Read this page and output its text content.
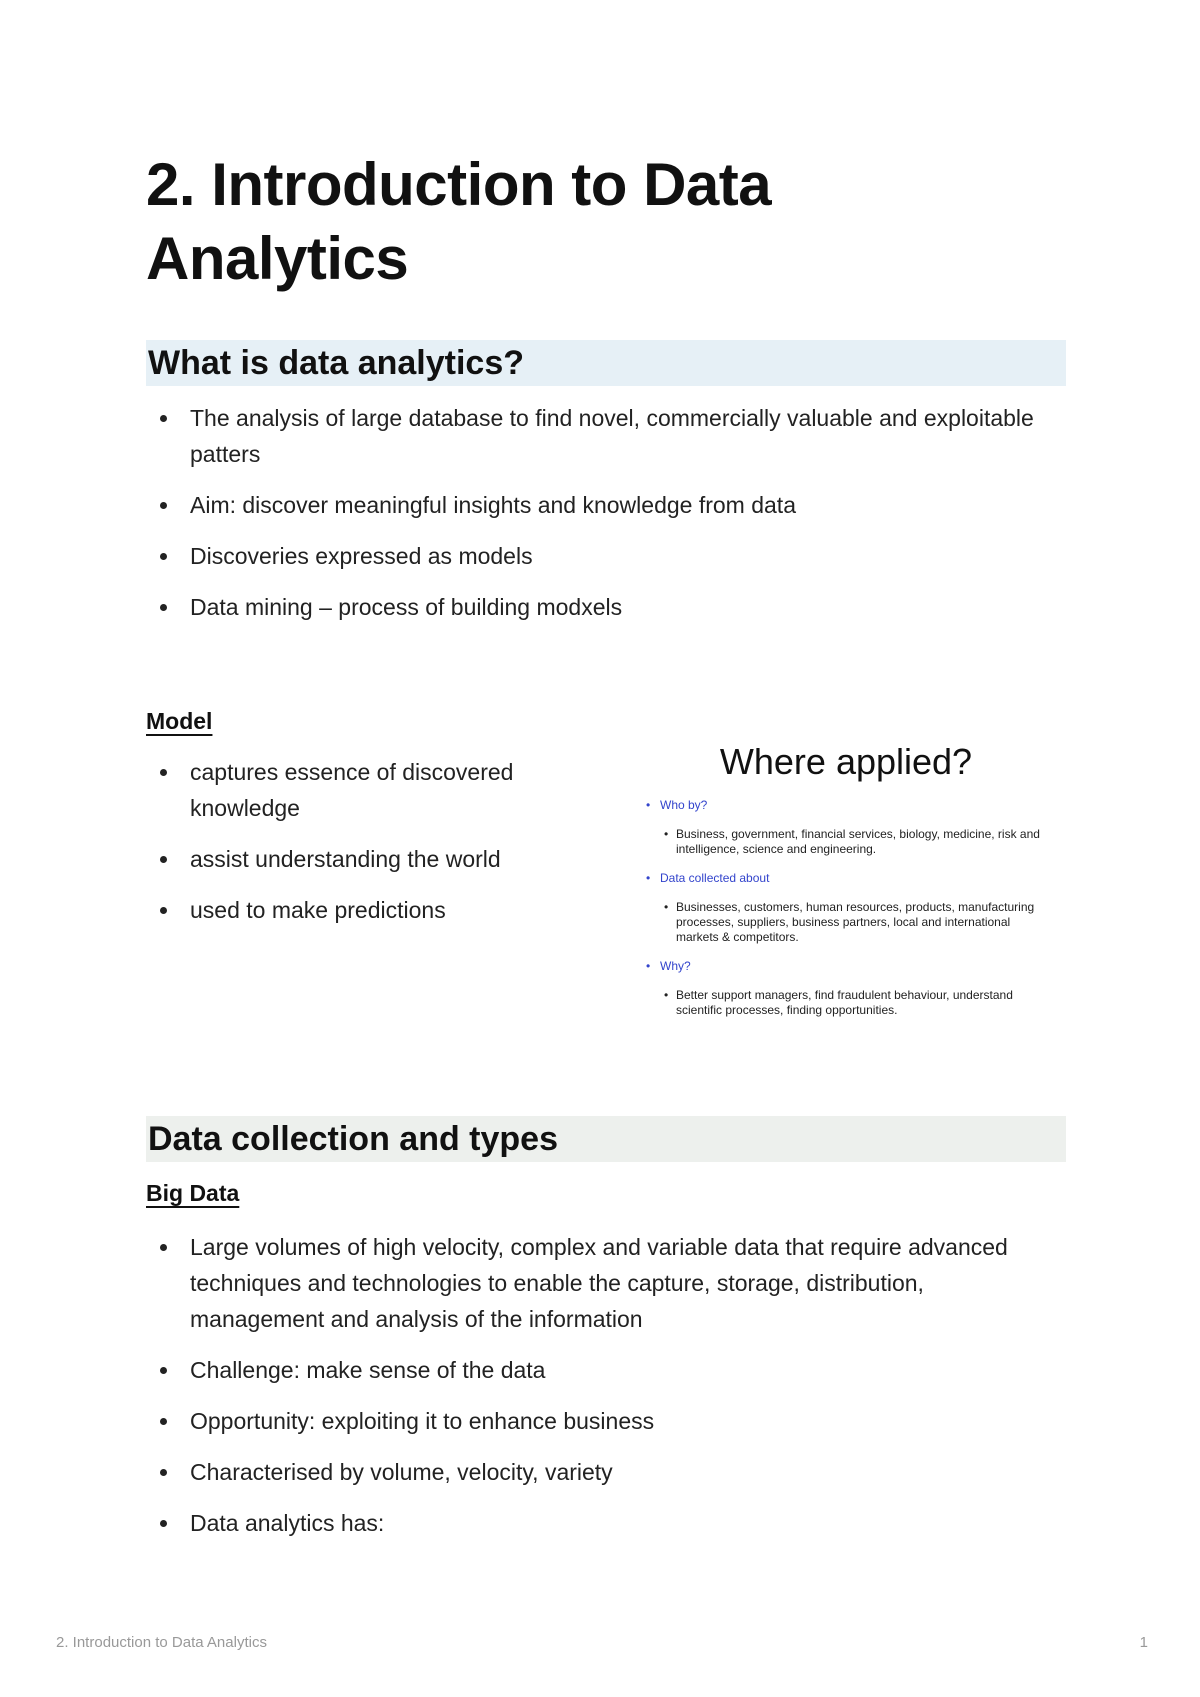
2. Introduction to Data Analytics
What is data analytics?
The analysis of large database to find novel, commercially valuable and exploitable patters
Aim: discover meaningful insights and knowledge from data
Discoveries expressed as models
Data mining – process of building modxels
Model
captures essence of discovered knowledge
assist understanding the world
used to make predictions
Where applied?
• Who by?
• Business, government, financial services, biology, medicine, risk and intelligence, science and engineering.
• Data collected about
• Businesses, customers, human resources, products, manufacturing processes, suppliers, business partners, local and international markets & competitors.
• Why?
• Better support managers, find fraudulent behaviour, understand scientific processes, finding opportunities.
Data collection and types
Big Data
Large volumes of high velocity, complex and variable data that require advanced techniques and technologies to enable the capture, storage, distribution, management and analysis of the information
Challenge: make sense of the data
Opportunity: exploiting it to enhance business
Characterised by volume, velocity, variety
Data analytics has:
2. Introduction to Data Analytics	1
